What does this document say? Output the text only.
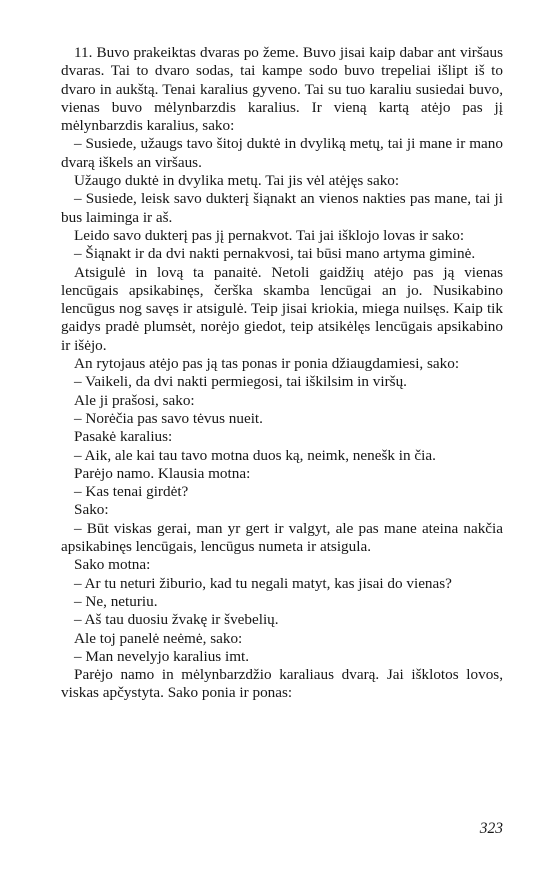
11. Buvo prakeiktas dvaras po žeme. Buvo jisai kaip dabar ant viršaus dvaras. Tai to dvaro sodas, tai kampe sodo buvo trepeliai išlipt iš to dvaro in aukštą. Tenai karalius gyveno. Tai su tuo karaliu susiedai buvo, vienas buvo mėlynbarzdis karalius. Ir vieną kartą atėjo pas jį mėlynbarzdis karalius, sako:

– Susiede, užaugs tavo šitoj duktė in dvyliką metų, tai ji mane ir mano dvarą iškels an viršaus.

Užaugo duktė in dvylika metų. Tai jis vėl atėjęs sako:

– Susiede, leisk savo dukterį šiąnakt an vienos nakties pas mane, tai ji bus laiminga ir aš.

Leido savo dukterį pas jį pernakvot. Tai jai išklojo lovas ir sako:

– Šiąnakt ir da dvi nakti pernakvosi, tai būsi mano artyma giminė.

Atsigulė in lovą ta panaitė. Netoli gaidžių atėjo pas ją vienas lencūgais apsikabinęs, čerška skamba lencūgai an jo. Nusikabino lencūgus nog savęs ir atsigulė. Teip jisai kriokia, miega nuilsęs. Kaip tik gaidys pradė plumsėt, norėjo giedot, teip atsikėlęs lencūgais apsikabino ir išėjo.

An rytojaus atėjo pas ją tas ponas ir ponia džiaugdamiesi, sako:

– Vaikeli, da dvi nakti permiegosi, tai iškilsim in viršų.

Ale ji prašosi, sako:

– Norėčia pas savo tėvus nueit.

Pasakė karalius:

– Aik, ale kai tau tavo motna duos ką, neimk, nenešk in čia.

Parėjo namo. Klausia motna:

– Kas tenai girdėt?

Sako:

– Būt viskas gerai, man yr gert ir valgyt, ale pas mane ateina nakčia apsikabinęs lencūgais, lencūgus numeta ir atsigula.

Sako motna:

– Ar tu neturi žiburio, kad tu negali matyt, kas jisai do vienas?

– Ne, neturiu.

– Aš tau duosiu žvakę ir švebelių.

Ale toj panelė neėmė, sako:

– Man nevelyjo karalius imt.

Parėjo namo in mėlynbarzdžio karaliaus dvarą. Jai išklotos lovos, viskas apčystyta. Sako ponia ir ponas:

323
